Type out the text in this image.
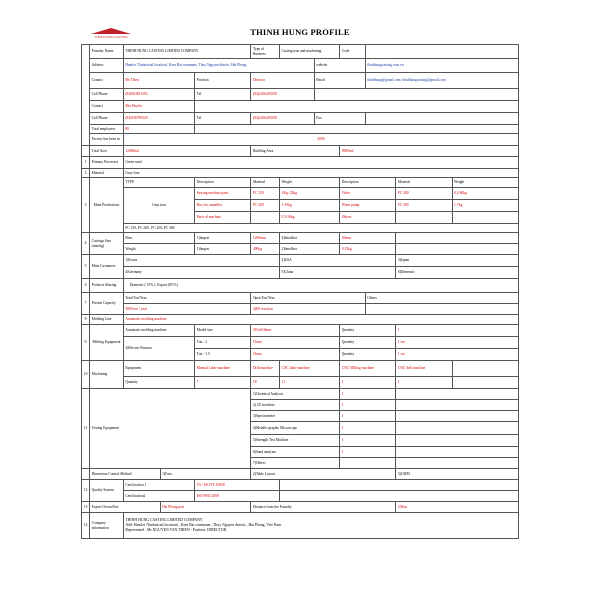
THINH HUNG CASTING	THINH HUNG PROFILE
	Foundry Name	THINH HUNG CASTING LIMITED COMPANY			Type of Business	Casting iron and machining		Code			
	Address	Hamlet 7(industrial location), Kien Bai commune, Thuy Nguyen district, Hai Phong					website		thinhhungcasting.com.vn		
	Contact	Mr Thieu		Position	Director		Email		thinhhung@gmail.com; thinhhungcasting@gmail.com		
	Cell Phone	(84)904831593		Tel	(84)2256283550						
	Contact	Mrs Huyền									
	Cell Phone	(84)936790329		Tel	(84)2256283550		Fax				
	Total employees	80									
	Factory has been in	2000									
	Total Area	12000m2			Building Area			9000m2			
1	Primary Processes	Green sand									
2	Material	Gray Iron									
3	Main Productions	TYPE		Description	Material	Weight		Description		Material	Weight
		Gray iron		Sewing machine parts	FC 150	1Kg- 22kg		Valve		FC 200	0.2-60kg
				Box for cameiller	FC 200	1-10kg		Water pump		FC 200	1-7kg
				Parts of machine		0.5-50kg		Others			...
		FC 150, FC 200 , FC 250, FC 300									
4	Castings Size (mm/kg)	Dim.		1)largest	1200mm	2)Smallest		50mm			
		Weight		1)largest	400kg	2)Smallest		0.15kg			
5	Main Customers	1)Korea				2)USA				3)Japan	
		4)Germany				5)China				6)Domestic	
6	Products Sharing	Domestic ( 15% ), Export (85 %)									
7	Present Capacity	Total Ton/Year			Open Ton/Year				Others		
		5000 ton / year			4200 ton/year						
8	Molding Line	Automatic molding machine									
9	Melting Equipment	Automatic molding machine		Model size	510x610mm			Quantity		1	
		2)Electric Furnace		Ton : 2	China			Quantity		1 set	
				Ton : 1.5	China			Quantity		1 set	
10	Machining	Equipment		Manual Lathe machine	Drill machine	CNC lathe machine		CNC Milling machine		CNC drill machine	
		Quantity		7	18	11		1		1	
11	Testing Equipment				1)Chemical Analysis			1			
					2) CE machine			1			
					3)Spectrometer			1			
					4)Metallo-graphic Microscope			1			
					5)Strength Test Machine			1			
					6)Sand analyzer			1			
					7)Others						
	Dimension Control Method		1)Faro		2)Table Layout					3)CMM	
12	Quality System	Certification 1		TS / ISO/TS 16949							
		Certification2		ISO 9001:2008							
13	Export Ocean Port		Hai Phong port		Distance from the Foundry					25Km	
14	Company information	THINH HUNG CASTING LIMITED COMPANY
Add: Hamlet 7(industrial location) , Kien Bai commune , Thuy Nguyen district , Hai Phong, Viet Nam
Represented : Mr NGUYEN VAN THIEN - Position: DIRECTOR									
